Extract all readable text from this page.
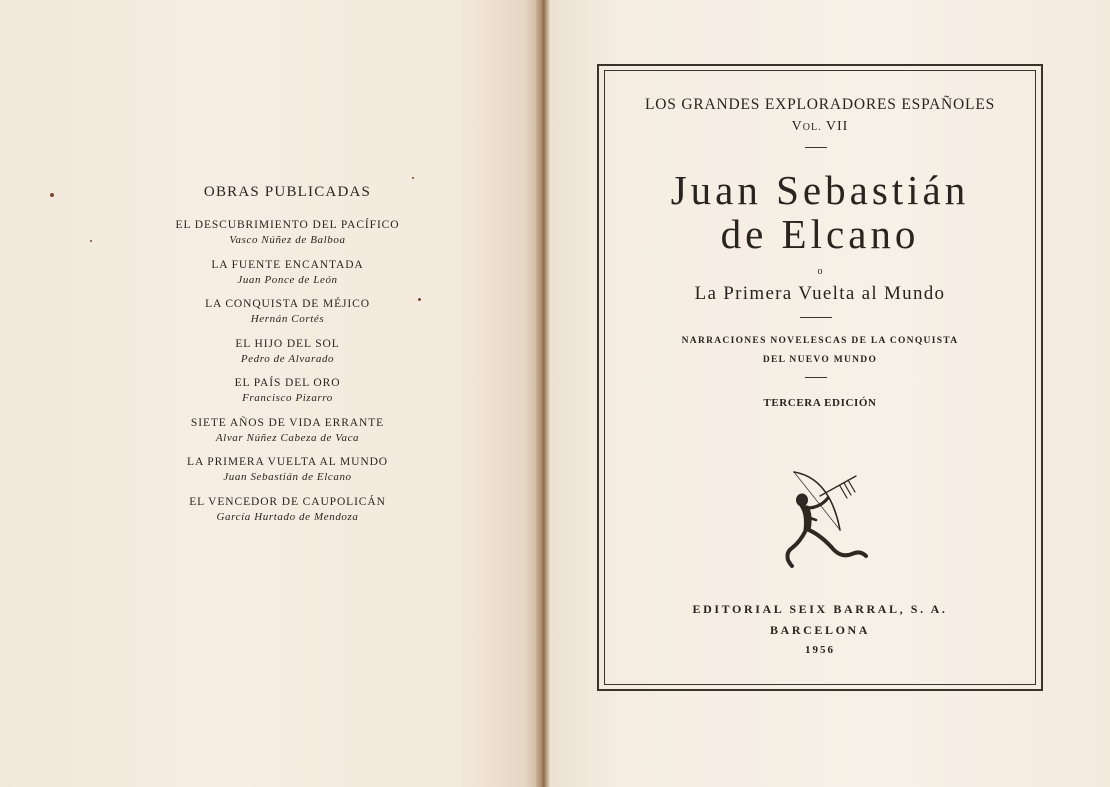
OBRAS PUBLICADAS
EL DESCUBRIMIENTO DEL PACÍFICO
Vasco Núñez de Balboa
LA FUENTE ENCANTADA
Juan Ponce de León
LA CONQUISTA DE MÉJICO
Hernán Cortés
EL HIJO DEL SOL
Pedro de Alvarado
EL PAÍS DEL ORO
Francisco Pizarro
SIETE AÑOS DE VIDA ERRANTE
Alvar Núñez Cabeza de Vaca
LA PRIMERA VUELTA AL MUNDO
Juan Sebastián de Elcano
EL VENCEDOR DE CAUPOLICÁN
García Hurtado de Mendoza
LOS GRANDES EXPLORADORES ESPAÑOLES
VOL. VII
Juan Sebastián
de Elcano
o
La Primera Vuelta al Mundo
NARRACIONES NOVELESCAS DE LA CONQUISTA
DEL NUEVO MUNDO
TERCERA EDICIÓN
EDITORIAL SEIX BARRAL, S. A.
BARCELONA
1956
